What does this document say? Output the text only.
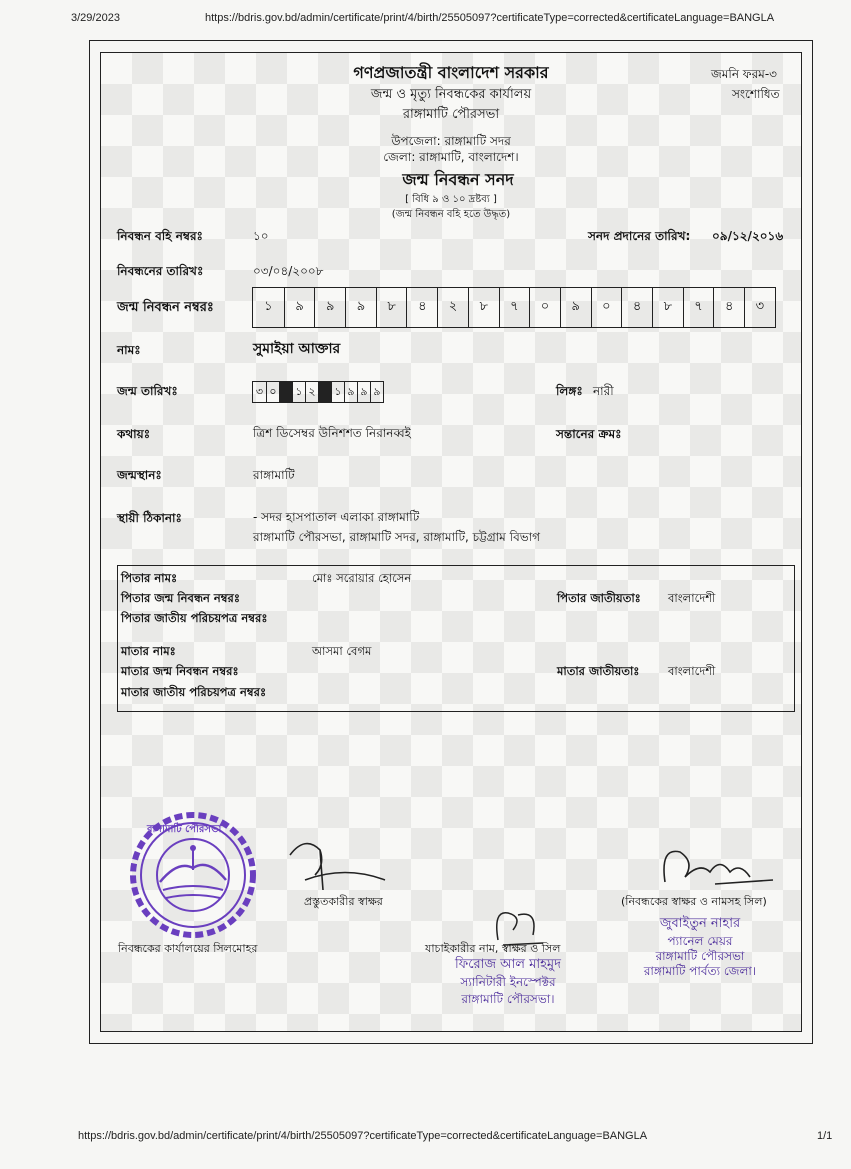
3/29/2023	https://bdris.gov.bd/admin/certificate/print/4/birth/25505097?certificateType=corrected&certificateLanguage=BANGLA
গণপ্রজাতন্ত্রী বাংলাদেশ সরকার
জন্ম ও মৃত্যু নিবন্ধকের কার্যালয়
রাঙ্গামাটি পৌরসভা
উপজেলা: রাঙ্গামাটি সদর
জেলা: রাঙ্গামাটি, বাংলাদেশ।
জন্ম নিবন্ধন সনদ
[ বিধি ৯ ও ১০ দ্রষ্টব্য ]
(জন্ম নিবন্ধন বহি হতে উদ্ধৃত)
জমনি ফরম-৩
সংশোধিত
নিবন্ধন বহি নম্বরঃ	১০	সনদ প্রদানের তারিখ: ০৯/১২/২০১৬
নিবন্ধনের তারিখঃ	০৩/০৪/২০০৮
জন্ম নিবন্ধন নম্বরঃ	১	৯	৯	৯	৮	৪	২	৮	৭	০	৯	০	৪	৮	৭	৪	৩
নামঃ	সুমাইয়া আক্তার
জন্ম তারিখঃ	৩ ০	১ ২	১ ৯ ৯ ৯	লিঙ্গঃ নারী
কথায়ঃ	ত্রিশ ডিসেম্বর উনিশশত নিরানব্বই	সন্তানের ক্রমঃ
জন্মস্থানঃ	রাঙ্গামাটি
স্থায়ী ঠিকানাঃ	- সদর হাসপাতাল এলাকা রাঙ্গামাটি
রাঙ্গামাটি পৌরসভা, রাঙ্গামাটি সদর, রাঙ্গামাটি, চট্টগ্রাম বিভাগ
পিতার নামঃ	মোঃ সরোয়ার হোসেন
পিতার জন্ম নিবন্ধন নম্বরঃ	পিতার জাতীয়তাঃ বাংলাদেশী
পিতার জাতীয় পরিচয়পত্র নম্বরঃ
মাতার নামঃ	আসমা বেগম
মাতার জন্ম নিবন্ধন নম্বরঃ	মাতার জাতীয়তাঃ বাংলাদেশী
মাতার জাতীয় পরিচয়পত্র নম্বরঃ
রাঙ্গামাটি পৌরসভা
প্রস্তুতকারীর স্বাক্ষর	(নিবন্ধকের স্বাক্ষর ও নামসহ সিল)
নিবন্ধকের কার্যালয়ের সিলমোহর	যাচাইকারীর নাম, স্বাক্ষর ও সিল
জুবাইতুন নাহার
প্যানেল মেয়র
রাঙ্গামাটি পৌরসভা
রাঙ্গামাটি পার্বত্য জেলা।
ফিরোজ আল মাহমুদ
স্যানিটারী ইনস্পেক্টর
রাঙ্গামাটি পৌরসভা।
https://bdris.gov.bd/admin/certificate/print/4/birth/25505097?certificateType=corrected&certificateLanguage=BANGLA	1/1
